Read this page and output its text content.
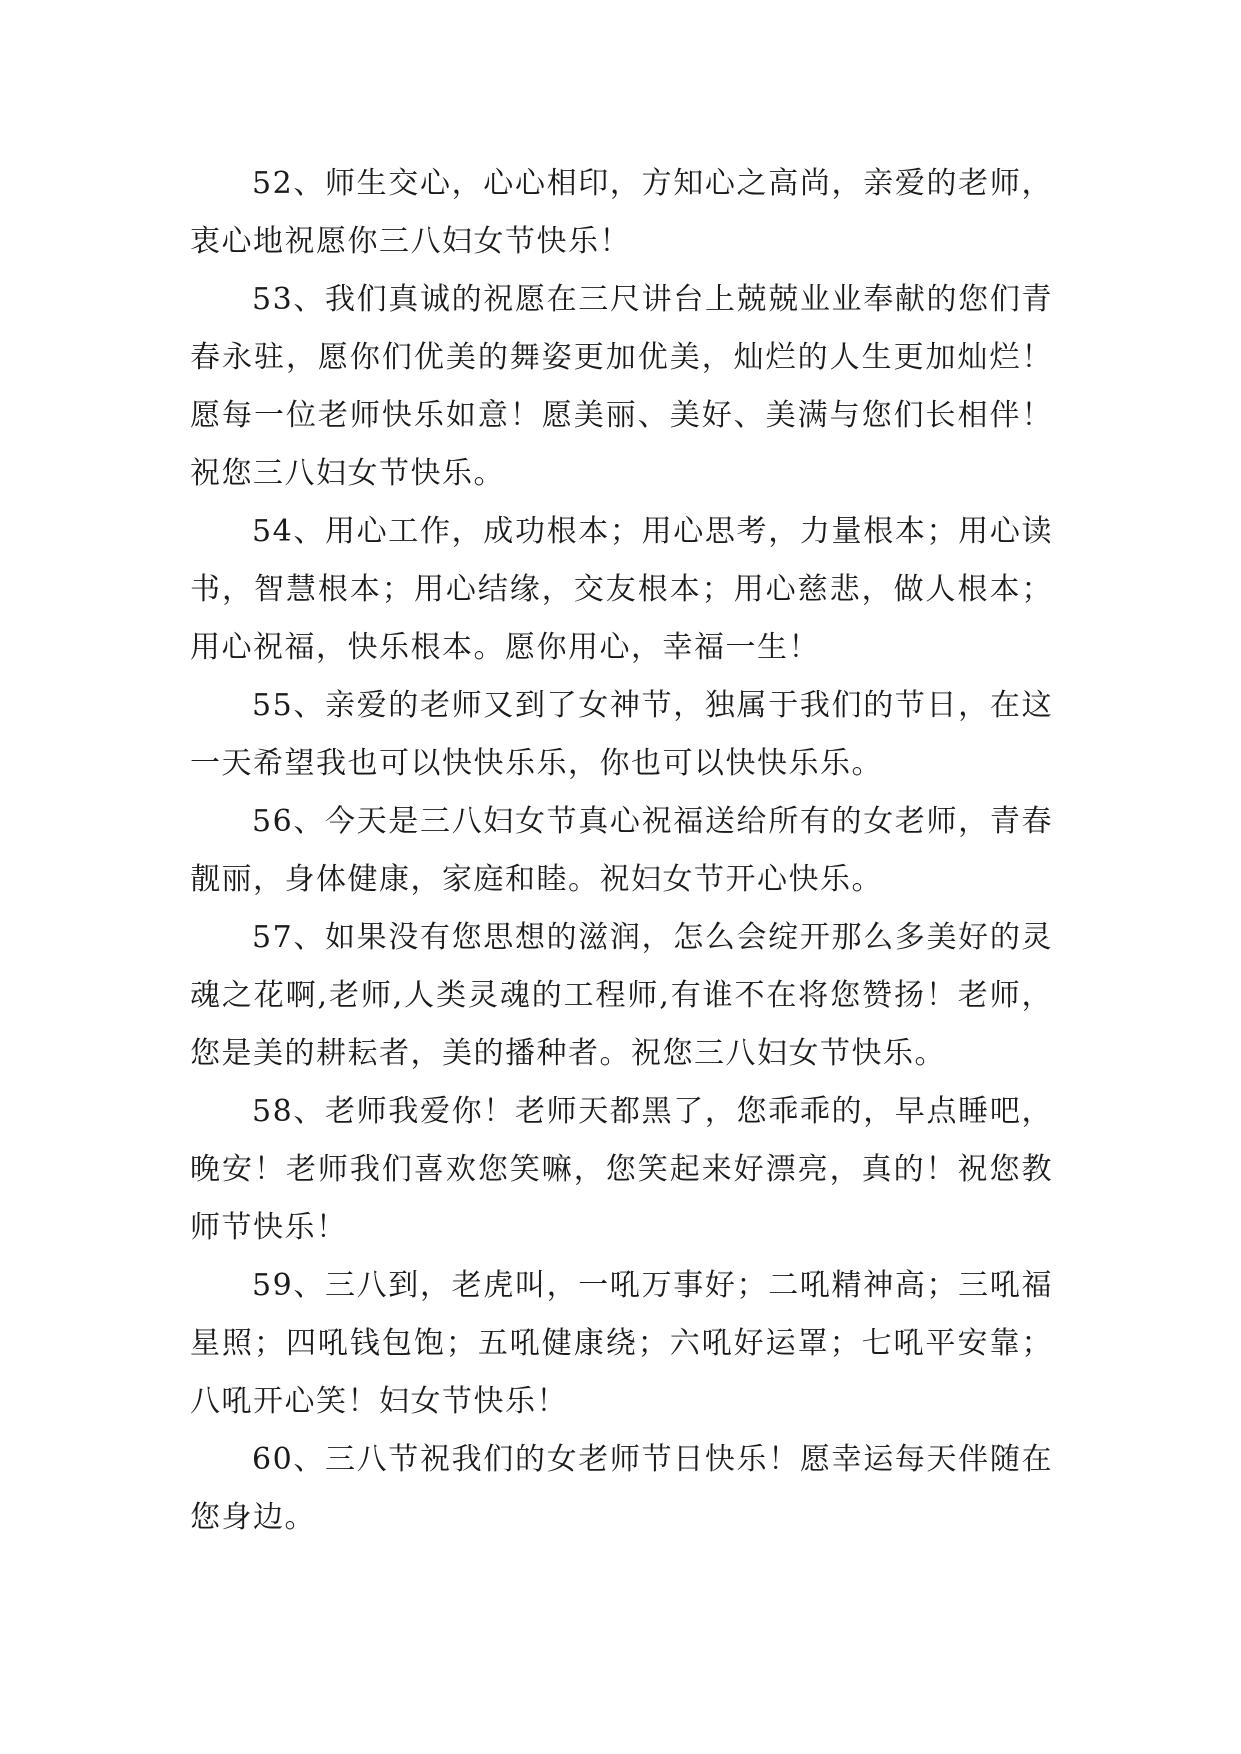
52、师生交心，心心相印，方知心之高尚，亲爱的老师，衷心地祝愿你三八妇女节快乐！

53、我们真诚的祝愿在三尺讲台上兢兢业业奉献的您们青春永驻，愿你们优美的舞姿更加优美，灿烂的人生更加灿烂！愿每一位老师快乐如意！愿美丽、美好、美满与您们长相伴！祝您三八妇女节快乐。

54、用心工作，成功根本；用心思考，力量根本；用心读书，智慧根本；用心结缘，交友根本；用心慈悲，做人根本；用心祝福，快乐根本。愿你用心，幸福一生！

55、亲爱的老师又到了女神节，独属于我们的节日，在这一天希望我也可以快快乐乐，你也可以快快乐乐。

56、今天是三八妇女节真心祝福送给所有的女老师，青春靓丽，身体健康，家庭和睦。祝妇女节开心快乐。

57、如果没有您思想的滋润，怎么会绽开那么多美好的灵魂之花啊,老师,人类灵魂的工程师,有谁不在将您赞扬！老师，您是美的耕耘者，美的播种者。祝您三八妇女节快乐。

58、老师我爱你！老师天都黑了，您乖乖的，早点睡吧，晚安！老师我们喜欢您笑嘛，您笑起来好漂亮，真的！祝您教师节快乐！

59、三八到，老虎叫，一吼万事好；二吼精神高；三吼福星照；四吼钱包饱；五吼健康绕；六吼好运罩；七吼平安靠；八吼开心笑！妇女节快乐！

60、三八节祝我们的女老师节日快乐！愿幸运每天伴随在您身边。
